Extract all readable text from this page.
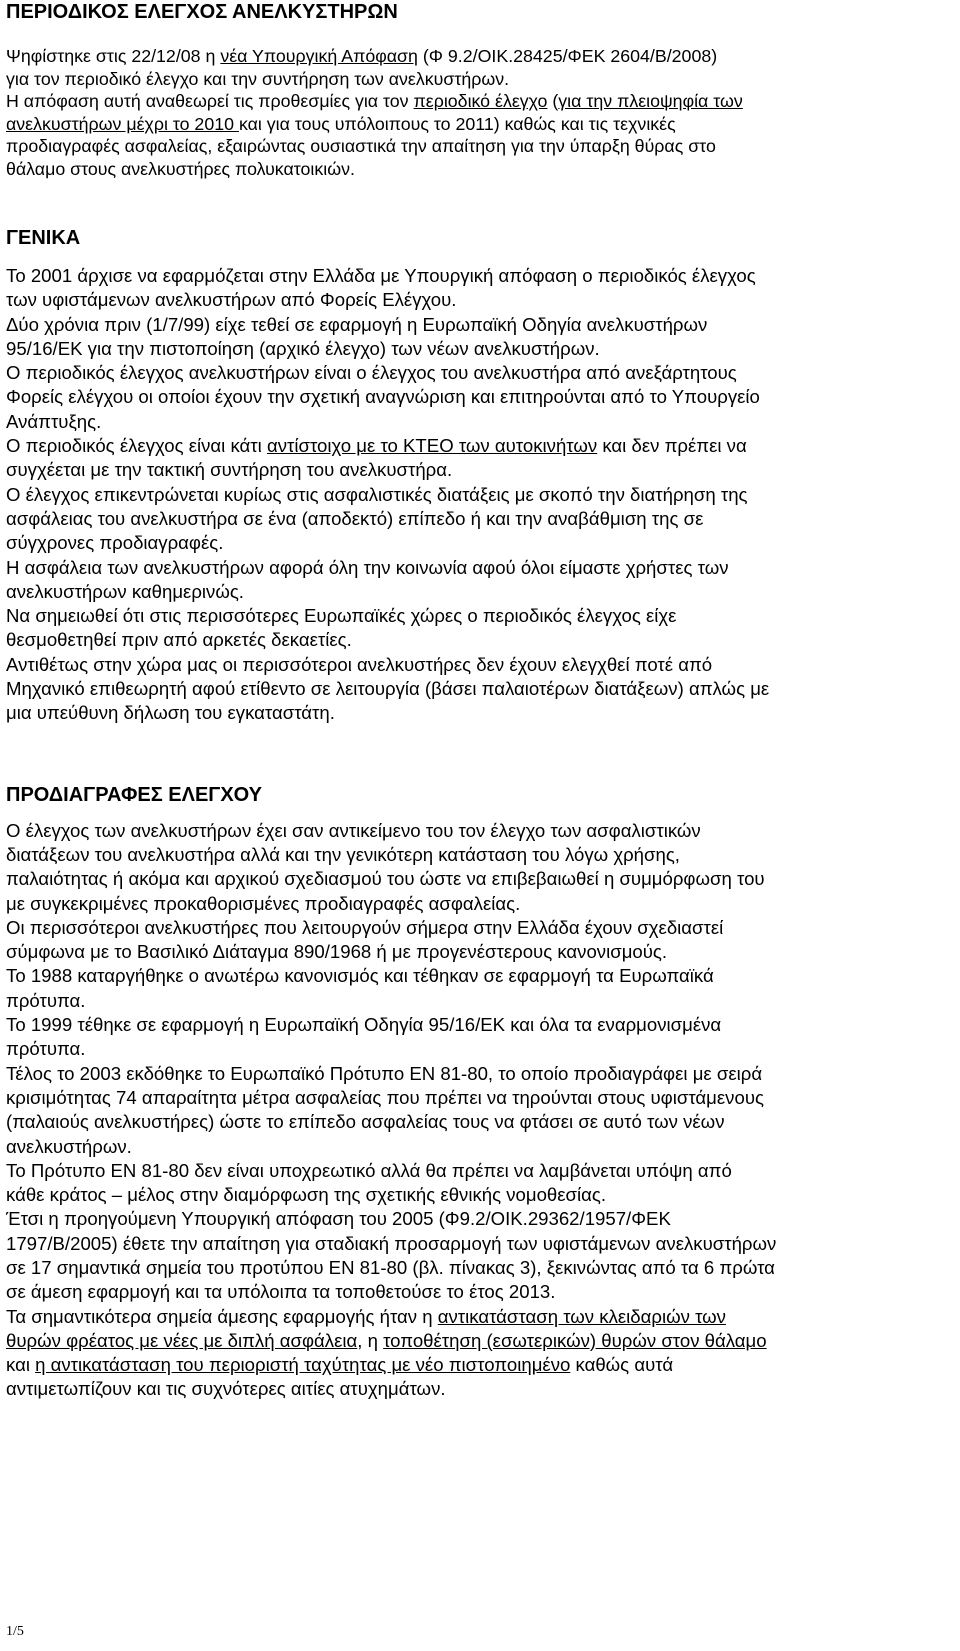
ΠΕΡΙΟΔΙΚΟΣ ΕΛΕΓΧΟΣ ΑΝΕΛΚΥΣΤΗΡΩΝ
Ψηφίστηκε στις 22/12/08 η νέα Υπουργική Απόφαση (Φ 9.2/ΟΙΚ.28425/ΦΕΚ 2604/Β/2008)
για τον περιοδικό έλεγχο και την συντήρηση των ανελκυστήρων.
Η απόφαση αυτή αναθεωρεί τις προθεσμίες για τον περιοδικό έλεγχο (για την πλειοψηφία των
ανελκυστήρων μέχρι το 2010 και για τους υπόλοιπους το 2011) καθώς και τις τεχνικές
προδιαγραφές ασφαλείας, εξαιρώντας ουσιαστικά την απαίτηση για την ύπαρξη θύρας στο
θάλαμο στους ανελκυστήρες πολυκατοικιών.
ΓΕΝΙΚΑ
Το 2001 άρχισε να εφαρμόζεται στην Ελλάδα με Υπουργική απόφαση ο περιοδικός έλεγχος
των υφιστάμενων ανελκυστήρων από Φορείς Ελέγχου.
Δύο χρόνια πριν (1/7/99) είχε τεθεί σε εφαρμογή η Ευρωπαϊκή Οδηγία ανελκυστήρων
95/16/ΕΚ για την πιστοποίηση (αρχικό έλεγχο) των νέων ανελκυστήρων.
Ο περιοδικός έλεγχος ανελκυστήρων είναι ο έλεγχος του ανελκυστήρα από ανεξάρτητους
Φορείς ελέγχου οι οποίοι έχουν την σχετική αναγνώριση και επιτηρούνται από το Υπουργείο
Ανάπτυξης.
Ο περιοδικός έλεγχος είναι κάτι αντίστοιχο με το ΚΤΕΟ των αυτοκινήτων και δεν πρέπει να
συγχέεται με την τακτική συντήρηση του ανελκυστήρα.
Ο έλεγχος επικεντρώνεται κυρίως στις ασφαλιστικές διατάξεις με σκοπό την διατήρηση της
ασφάλειας του ανελκυστήρα σε ένα (αποδεκτό) επίπεδο ή και την αναβάθμιση της σε
σύγχρονες προδιαγραφές.
Η ασφάλεια των ανελκυστήρων αφορά όλη την κοινωνία αφού όλοι είμαστε χρήστες των
ανελκυστήρων καθημερινώς.
Να σημειωθεί ότι στις περισσότερες Ευρωπαϊκές χώρες ο περιοδικός έλεγχος είχε
θεσμοθετηθεί πριν από αρκετές δεκαετίες.
Αντιθέτως στην χώρα μας οι περισσότεροι ανελκυστήρες δεν έχουν ελεγχθεί ποτέ από
Μηχανικό επιθεωρητή αφού ετίθεντο σε λειτουργία (βάσει παλαιοτέρων διατάξεων) απλώς με
μια υπεύθυνη δήλωση του εγκαταστάτη.
ΠΡΟΔΙΑΓΡΑΦΕΣ ΕΛΕΓΧΟΥ
Ο έλεγχος των ανελκυστήρων έχει σαν αντικείμενο του τον έλεγχο των ασφαλιστικών
διατάξεων του ανελκυστήρα αλλά και την γενικότερη κατάσταση του λόγω χρήσης,
παλαιότητας ή ακόμα και αρχικού σχεδιασμού του ώστε να επιβεβαιωθεί η συμμόρφωση του
με συγκεκριμένες προκαθορισμένες προδιαγραφές ασφαλείας.
Οι περισσότεροι ανελκυστήρες που λειτουργούν σήμερα στην Ελλάδα έχουν σχεδιαστεί
σύμφωνα με το Βασιλικό Διάταγμα 890/1968 ή με προγενέστερους κανονισμούς.
Το 1988 καταργήθηκε ο ανωτέρω κανονισμός και τέθηκαν σε εφαρμογή τα Ευρωπαϊκά
πρότυπα.
Το 1999 τέθηκε σε εφαρμογή η Ευρωπαϊκή Οδηγία 95/16/ΕΚ και όλα τα εναρμονισμένα
πρότυπα.
Τέλος το 2003 εκδόθηκε το Ευρωπαϊκό Πρότυπο ΕΝ 81-80, το οποίο προδιαγράφει με σειρά
κρισιμότητας 74 απαραίτητα μέτρα ασφαλείας που πρέπει να τηρούνται στους υφιστάμενους
(παλαιούς ανελκυστήρες) ώστε το επίπεδο ασφαλείας τους να φτάσει σε αυτό των νέων
ανελκυστήρων.
Το Πρότυπο ΕΝ 81-80 δεν είναι υποχρεωτικό αλλά θα πρέπει να λαμβάνεται υπόψη από
κάθε κράτος – μέλος στην διαμόρφωση της σχετικής εθνικής νομοθεσίας.
Έτσι η προηγούμενη Υπουργική απόφαση του 2005 (Φ9.2/ΟΙΚ.29362/1957/ΦΕΚ
1797/Β/2005) έθετε την απαίτηση για σταδιακή προσαρμογή των υφιστάμενων ανελκυστήρων
σε 17 σημαντικά σημεία του προτύπου ΕΝ 81-80 (βλ. πίνακας 3), ξεκινώντας από τα 6 πρώτα
σε άμεση εφαρμογή και τα υπόλοιπα τα τοποθετούσε το έτος 2013.
Τα σημαντικότερα σημεία άμεσης εφαρμογής ήταν η αντικατάσταση των κλειδαριών των
θυρών φρέατος με νέες με διπλή ασφάλεια, η τοποθέτηση (εσωτερικών) θυρών στον θάλαμο
και η αντικατάσταση του περιοριστή ταχύτητας με νέο πιστοποιημένο καθώς αυτά
αντιμετωπίζουν και τις συχνότερες αιτίες ατυχημάτων.
1/5
